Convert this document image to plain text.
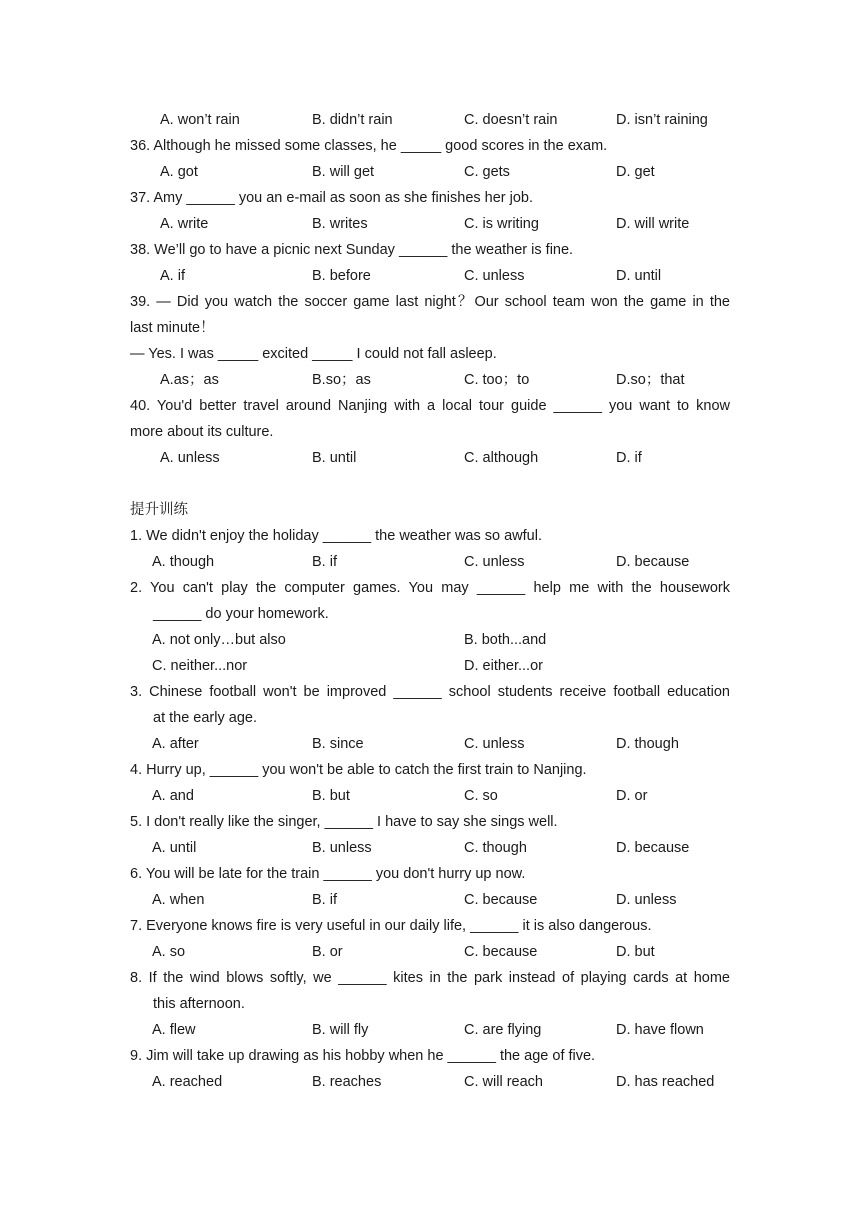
A. won’t rain	B. didn’t rain	C. doesn’t rain	D. isn’t raining
36. Although he missed some classes, he _____ good scores in the exam.
A. got	B. will get	C. gets	D. get
37. Amy ______ you an e-mail as soon as she finishes her job.
A. write	B. writes	C. is writing	D. will write
38. We’ll go to have a picnic next Sunday ______ the weather is fine.
A. if	B. before	C. unless	D. until
39. — Did you watch the soccer game last night？Our school team won the game in the
last minute！
— Yes. I was _____ excited _____ I could not fall asleep.
A.as；as	B.so；as	C. too；to	D.so；that
40. You'd better travel around Nanjing with a local tour guide ______ you want to know
more about its culture.
A. unless	B. until	C. although	D. if
提升训练
1. We didn't enjoy the holiday ______ the weather was so awful.
A. though	B. if	C. unless	D. because
2. You can't play the computer games. You may ______ help me with the housework
______ do your homework.
A. not only…but also	B. both...and
C. neither...nor	D. either...or
3. Chinese football won't be improved ______ school students receive football education
at the early age.
A. after	B. since	C. unless	D. though
4. Hurry up, ______ you won't be able to catch the first train to Nanjing.
A. and	B. but	C. so	D. or
5. I don't really like the singer, ______ I have to say she sings well.
A. until	B. unless	C. though	D. because
6. You will be late for the train ______ you don't hurry up now.
A. when	B. if	C. because	D. unless
7. Everyone knows fire is very useful in our daily life, ______ it is also dangerous.
A. so	B. or	C. because	D. but
8. If the wind blows softly, we ______ kites in the park instead of playing cards at home
this afternoon.
A. flew	B. will fly	C. are flying	D. have flown
9. Jim will take up drawing as his hobby when he ______ the age of five.
A. reached	B. reaches	C. will reach	D. has reached
